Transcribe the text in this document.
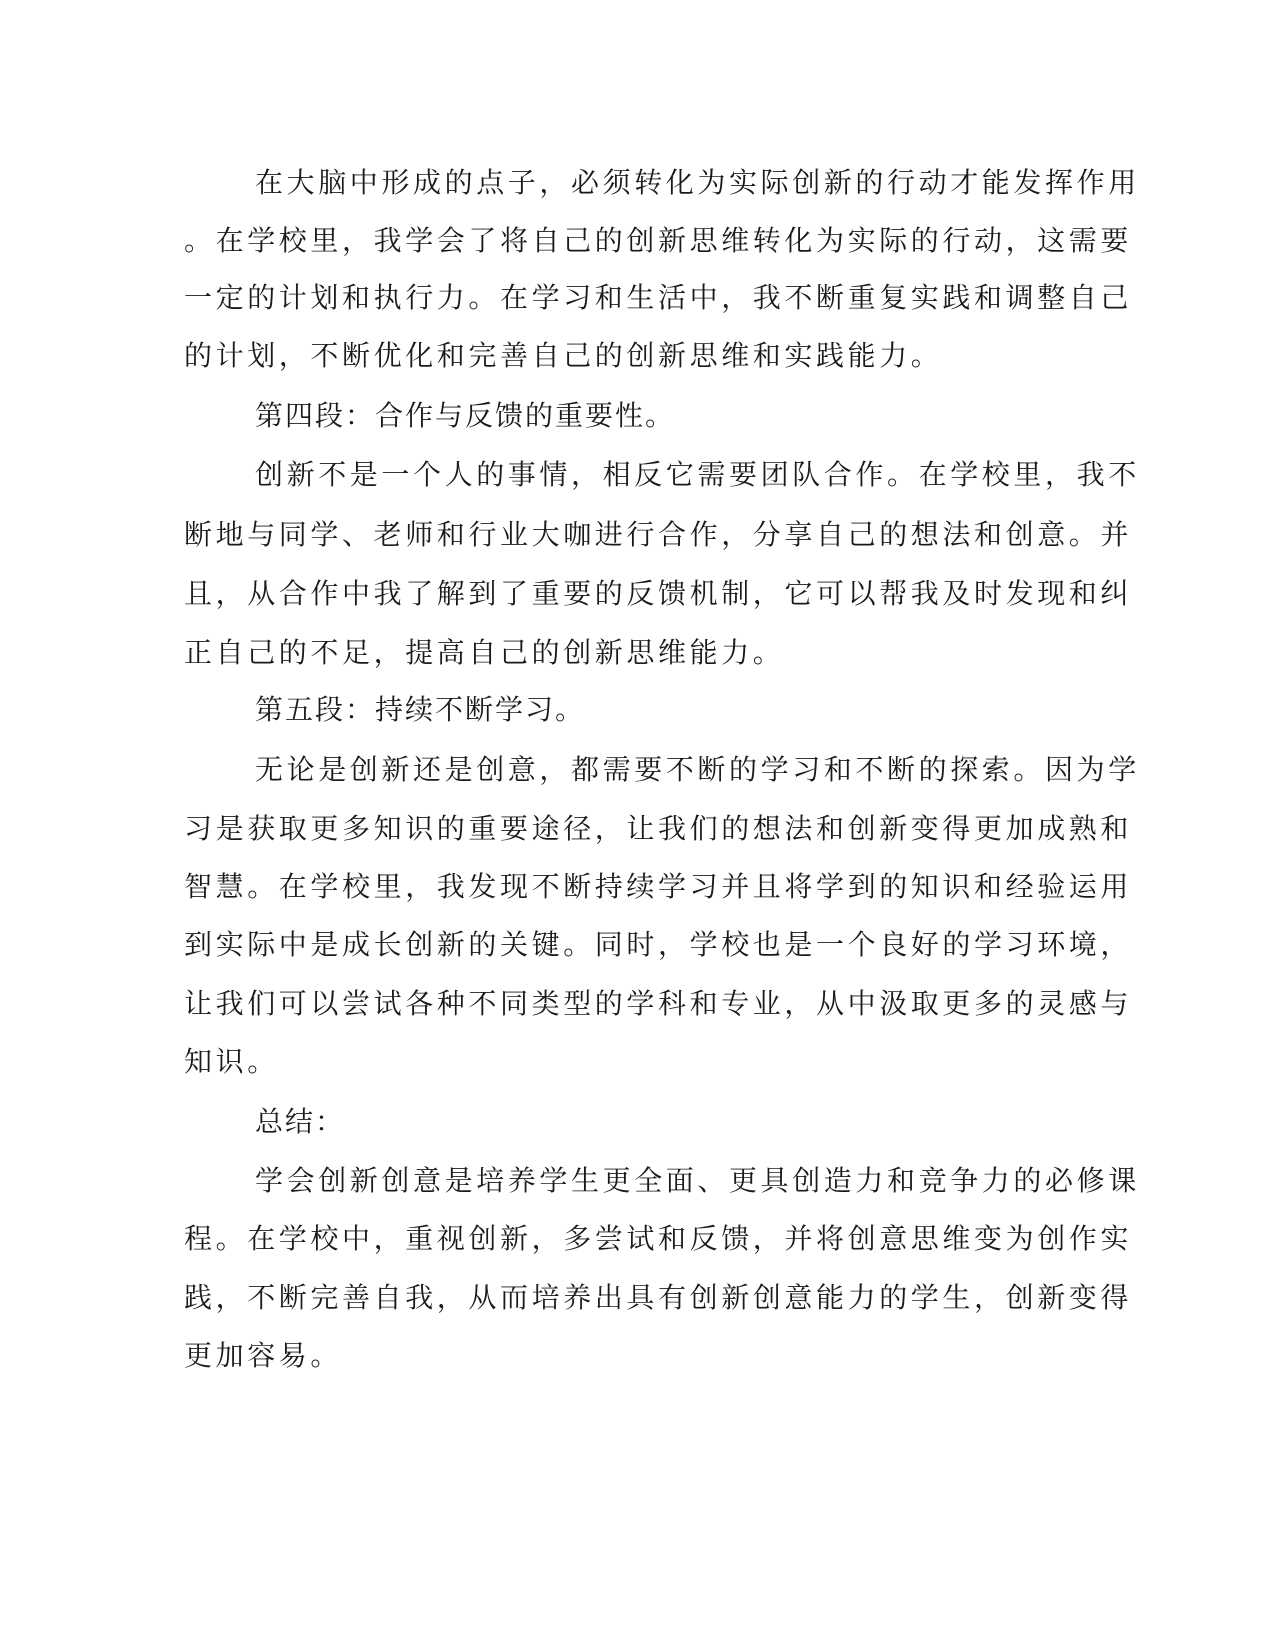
在大脑中形成的点子，必须转化为实际创新的行动才能发挥作用
。在学校里，我学会了将自己的创新思维转化为实际的行动，这需要
一定的计划和执行力。在学习和生活中，我不断重复实践和调整自己
的计划，不断优化和完善自己的创新思维和实践能力。
第四段：合作与反馈的重要性。
创新不是一个人的事情，相反它需要团队合作。在学校里，我不
断地与同学、老师和行业大咖进行合作，分享自己的想法和创意。并
且，从合作中我了解到了重要的反馈机制，它可以帮我及时发现和纠
正自己的不足，提高自己的创新思维能力。
第五段：持续不断学习。
无论是创新还是创意，都需要不断的学习和不断的探索。因为学
习是获取更多知识的重要途径，让我们的想法和创新变得更加成熟和
智慧。在学校里，我发现不断持续学习并且将学到的知识和经验运用
到实际中是成长创新的关键。同时，学校也是一个良好的学习环境，
让我们可以尝试各种不同类型的学科和专业，从中汲取更多的灵感与
知识。
总结：
学会创新创意是培养学生更全面、更具创造力和竞争力的必修课
程。在学校中，重视创新，多尝试和反馈，并将创意思维变为创作实
践，不断完善自我，从而培养出具有创新创意能力的学生，创新变得
更加容易。
